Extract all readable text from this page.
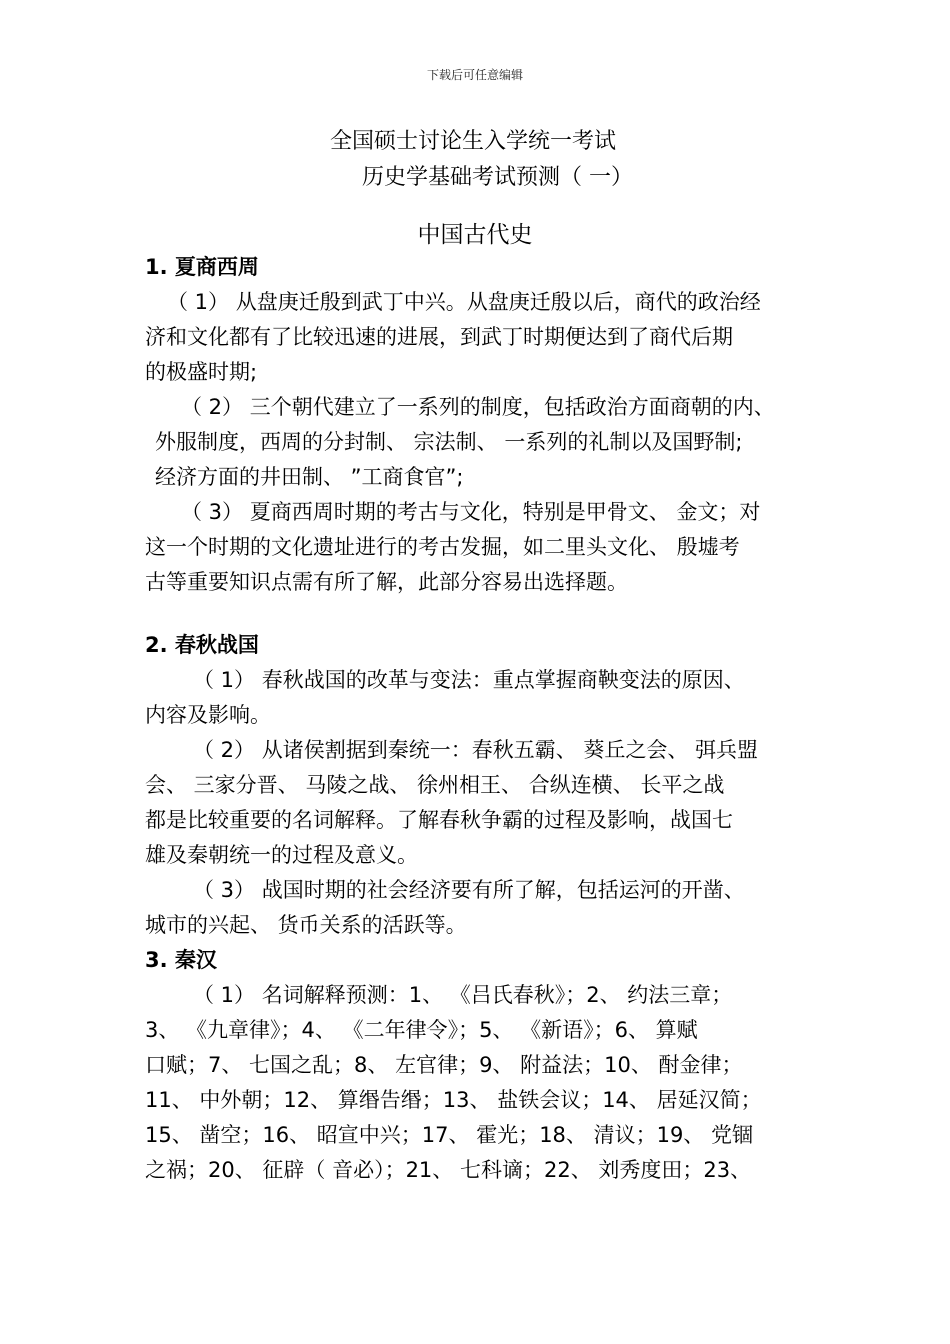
下载后可任意编辑
全国硕士讨论生入学统一考试
历史学基础考试预测（ 一）
中国古代史

1. 夏商西周

（ 1） 从盘庚迁殷到武丁中兴。从盘庚迁殷以后，商代的政治经

济和文化都有了比较迅速的进展，到武丁时期便达到了商代后期

的极盛时期;

（ 2） 三个朝代建立了一系列的制度，包括政治方面商朝的内、

外服制度，西周的分封制、 宗法制、 一系列的礼制以及国野制;

经济方面的井田制、 ”工商食官”;

（ 3） 夏商西周时期的考古与文化，特别是甲骨文、 金文；对

这一个时期的文化遗址进行的考古发掘，如二里头文化、 殷墟考

古等重要知识点需有所了解，此部分容易出选择题。

2. 春秋战国

（ 1） 春秋战国的改革与变法：重点掌握商鞅变法的原因、

内容及影响。

（ 2） 从诸侯割据到秦统一：春秋五霸、 葵丘之会、 弭兵盟

会、 三家分晋、 马陵之战、 徐州相王、 合纵连横、 长平之战

都是比较重要的名词解释。了解春秋争霸的过程及影响，战国七

雄及秦朝统一的过程及意义。

（ 3） 战国时期的社会经济要有所了解，包括运河的开凿、

城市的兴起、 货币关系的活跃等。

3. 秦汉

（ 1） 名词解释预测：1、 《吕氏春秋》；2、 约法三章；

3、 《九章律》；4、 《二年律令》；5、 《新语》；6、 算赋

口赋；7、 七国之乱；8、 左官律；9、 附益法；10、 酎金律；

11、 中外朝；12、 算缗告缗；13、 盐铁会议；14、 居延汉简；

15、 凿空；16、 昭宣中兴；17、 霍光；18、 清议；19、 党锢

之祸；20、 征辟（ 音必）；21、 七科谪；22、 刘秀度田；23、
